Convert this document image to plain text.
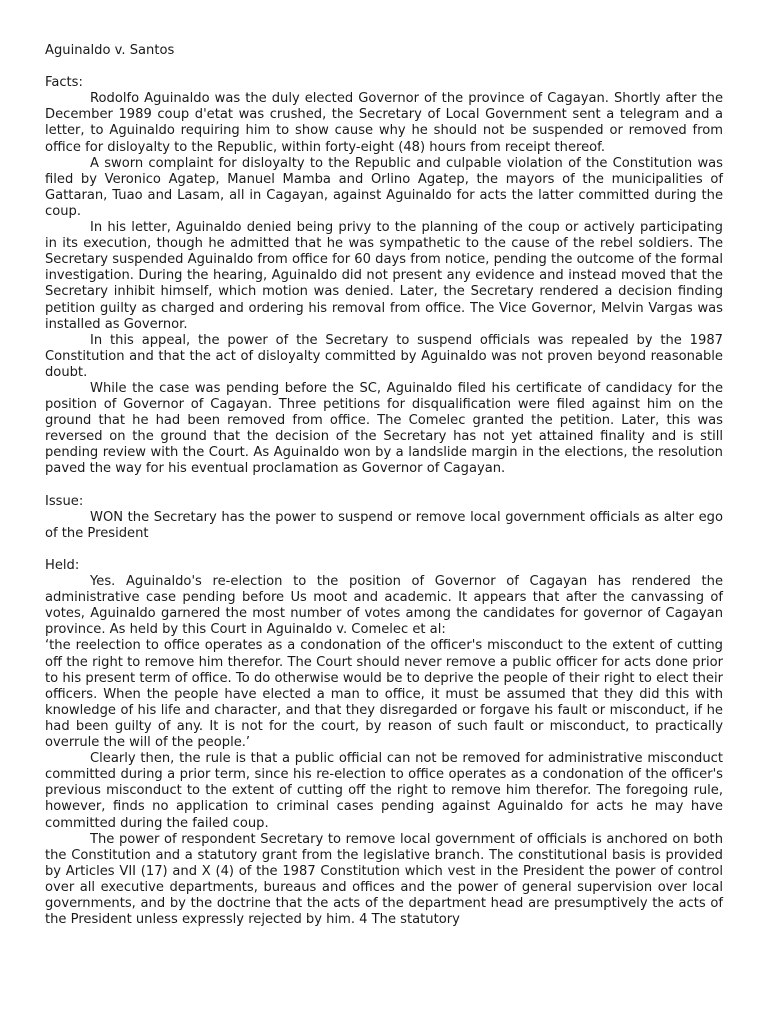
Aguinaldo v. Santos
Facts:

Rodolfo Aguinaldo was the duly elected Governor of the province of Cagayan. Shortly after the December 1989 coup d'etat was crushed, the Secretary of Local Government sent a telegram and a letter, to Aguinaldo requiring him to show cause why he should not be suspended or removed from office for disloyalty to the Republic, within forty-eight (48) hours from receipt thereof.

A sworn complaint for disloyalty to the Republic and culpable violation of the Constitution was filed by Veronico Agatep, Manuel Mamba and Orlino Agatep, the mayors of the municipalities of Gattaran, Tuao and Lasam, all in Cagayan, against Aguinaldo for acts the latter committed during the coup.

In his letter, Aguinaldo denied being privy to the planning of the coup or actively participating in its execution, though he admitted that he was sympathetic to the cause of the rebel soldiers. The Secretary suspended Aguinaldo from office for 60 days from notice, pending the outcome of the formal investigation. During the hearing, Aguinaldo did not present any evidence and instead moved that the Secretary inhibit himself, which motion was denied. Later, the Secretary rendered a decision finding petition guilty as charged and ordering his removal from office. The Vice Governor, Melvin Vargas was installed as Governor.

In this appeal, the power of the Secretary to suspend officials was repealed by the 1987 Constitution and that the act of disloyalty committed by Aguinaldo was not proven beyond reasonable doubt.

While the case was pending before the SC, Aguinaldo filed his certificate of candidacy for the position of Governor of Cagayan. Three petitions for disqualification were filed against him on the ground that he had been removed from office. The Comelec granted the petition. Later, this was reversed on the ground that the decision of the Secretary has not yet attained finality and is still pending review with the Court. As Aguinaldo won by a landslide margin in the elections, the resolution paved the way for his eventual proclamation as Governor of Cagayan.

Issue:

WON the Secretary has the power to suspend or remove local government officials as alter ego of the President

Held:

Yes. Aguinaldo's re-election to the position of Governor of Cagayan has rendered the administrative case pending before Us moot and academic. It appears that after the canvassing of votes, Aguinaldo garnered the most number of votes among the candidates for governor of Cagayan province. As held by this Court in Aguinaldo v. Comelec et al:

‘the reelection to office operates as a condonation of the officer's misconduct to the extent of cutting off the right to remove him therefor. The Court should never remove a public officer for acts done prior to his present term of office. To do otherwise would be to deprive the people of their right to elect their officers. When the people have elected a man to office, it must be assumed that they did this with knowledge of his life and character, and that they disregarded or forgave his fault or misconduct, if he had been guilty of any. It is not for the court, by reason of such fault or misconduct, to practically overrule the will of the people.’

Clearly then, the rule is that a public official can not be removed for administrative misconduct committed during a prior term, since his re-election to office operates as a condonation of the officer's previous misconduct to the extent of cutting off the right to remove him therefor. The foregoing rule, however, finds no application to criminal cases pending against Aguinaldo for acts he may have committed during the failed coup.

The power of respondent Secretary to remove local government of officials is anchored on both the Constitution and a statutory grant from the legislative branch. The constitutional basis is provided by Articles VII (17) and X (4) of the 1987 Constitution which vest in the President the power of control over all executive departments, bureaus and offices and the power of general supervision over local governments, and by the doctrine that the acts of the department head are presumptively the acts of the President unless expressly rejected by him. 4 The statutory
